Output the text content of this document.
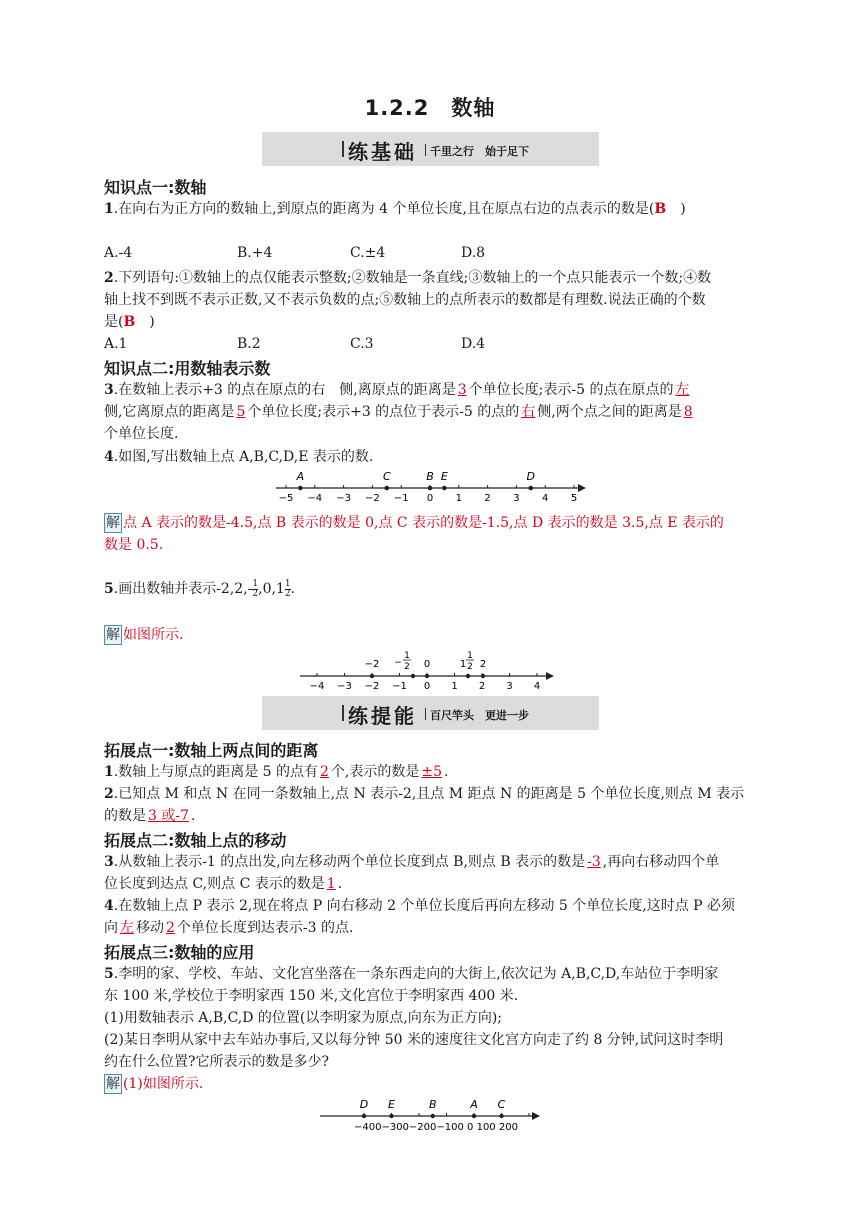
1.2.2　数轴
练基础 千里之行　始于足下
知识点一:数轴
1.在向右为正方向的数轴上,到原点的距离为 4 个单位长度,且在原点右边的点表示的数是(B　)
A.-4	B.+4	C.±4	D.8
2.下列语句:①数轴上的点仅能表示整数;②数轴是一条直线;③数轴上的一个点只能表示一个数;④数
轴上找不到既不表示正数,又不表示负数的点;⑤数轴上的点所表示的数都是有理数.说法正确的个数
是(B　)
A.1	B.2	C.3	D.4
知识点二:用数轴表示数
3.在数轴上表示+3 的点在原点的右　侧,离原点的距离是 3 个单位长度;表示-5 的点在原点的 左
侧,它离原点的距离是 5 个单位长度;表示+3 的点位于表示-5 的点的 右 侧,两个点之间的距离是 8
个单位长度.
4.如图,写出数轴上点 A,B,C,D,E 表示的数.
−5 −4 −3 −2 −1 0 1 2 3 4 5
A	C	B E	D
解 点 A 表示的数是-4.5,点 B 表示的数是 0,点 C 表示的数是-1.5,点 D 表示的数是 3.5,点 E 表示的
数是 0.5.
5.画出数轴并表示$-2,2,- \frac{1}{2} ,0,1 \frac{1}{2}$ .
解 如图所示.
−4 −3 −2 −1 0 1 2 3 4
−2
1
− 2 0	1
1
2 2
练提能 百尺竿头　更进一步
拓展点一:数轴上两点间的距离
1.数轴上与原点的距离是 5 的点有 2 个,表示的数是 ±5 .
2.已知点 M 和点 N 在同一条数轴上,点 N 表示-2,且点 M 距点 N 的距离是 5 个单位长度,则点 M 表示
的数是 3 或-7 .
拓展点二:数轴上点的移动
3.从数轴上表示-1 的点出发,向左移动两个单位长度到点 B,则点 B 表示的数是 -3 ,再向右移动四个单
位长度到达点 C,则点 C 表示的数是 1 .
4.在数轴上点 P 表示 2,现在将点 P 向右移动 2 个单位长度后再向左移动 5 个单位长度,这时点 P 必须
向 左 移动 2 个单位长度到达表示-3 的点.
拓展点三:数轴的应用
5.李明的家、学校、车站、文化宫坐落在一条东西走向的大街上,依次记为 A,B,C,D,车站位于李明家
东 100 米,学校位于李明家西 150 米,文化宫位于李明家西 400 米.
(1)用数轴表示 A,B,C,D 的位置(以李明家为原点,向东为正方向);
(2)某日李明从家中去车站办事后,又以每分钟 50 米的速度往文化宫方向走了约 8 分钟,试问这时李明
约在什么位置?它所表示的数是多少?
解 (1)如图所示.
D E	B	A C
−400−300−200−100 0 100 200
